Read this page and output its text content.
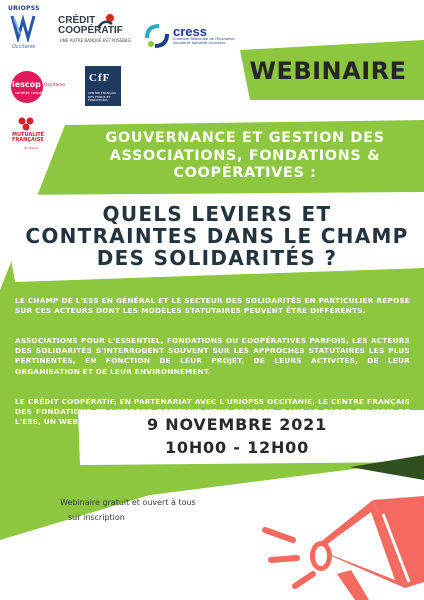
URIOPSS
Occitanie
CRÉDIT
COOPÉRATIF
UNE AUTRE BANQUE EST POSSIBLE
cress
Chambre Régionale de l'Économie Sociale et Solidaire Occitanie
lescop Occitanie
sociétés coopératives
CfF
CENTRE FRANÇAIS DES FONDS ET FONDATIONS
MUTUALITÉ FRANÇAISE
Occitanie
INVITATION
WEBINAIRE
GOUVERNANCE ET GESTION DES ASSOCIATIONS, FONDATIONS & COOPÉRATIVES :
QUELS LEVIERS ET CONTRAINTES DANS LE CHAMP DES SOLIDARITÉS ?
LE CHAMP DE L'ESS EN GÉNÉRAL ET LE SECTEUR DES SOLIDARITÉS EN PARTICULIER REPOSE SUR CES ACTEURS DONT LES MODÈLES STATUTAIRES PEUVENT ÊTRE DIFFÉRENTS.
ASSOCIATIONS POUR L'ESSENTIEL, FONDATIONS OU COOPÉRATIVES PARFOIS, LES ACTEURS DES SOLIDARITÉS S'INTERROGENT SOUVENT SUR LES APPROCHES STATUTAIRES LES PLUS PERTINENTES, EN FONCTION DE LEUR PROJET, DE LEURS ACTIVITÉS, DE LEUR ORGANISATION ET DE LEUR ENVIRONNEMENT.
LE CRÉDIT COOPÉRATIF, EN PARTENARIAT AVEC L'URIOPSS OCCITANIE, LE CENTRE FRANÇAIS DES FONDATIONS ET L'URSCOP OCCITANIE VOUS PROPOSE, DANS LE CADRE DU MOIS DE L'ESS, UN WEBINAIRE SUR LE SUJET LE
9 NOVEMBRE 2021
10H00 - 12H00
Webinaire gratuit et ouvert à tous
sur inscription
